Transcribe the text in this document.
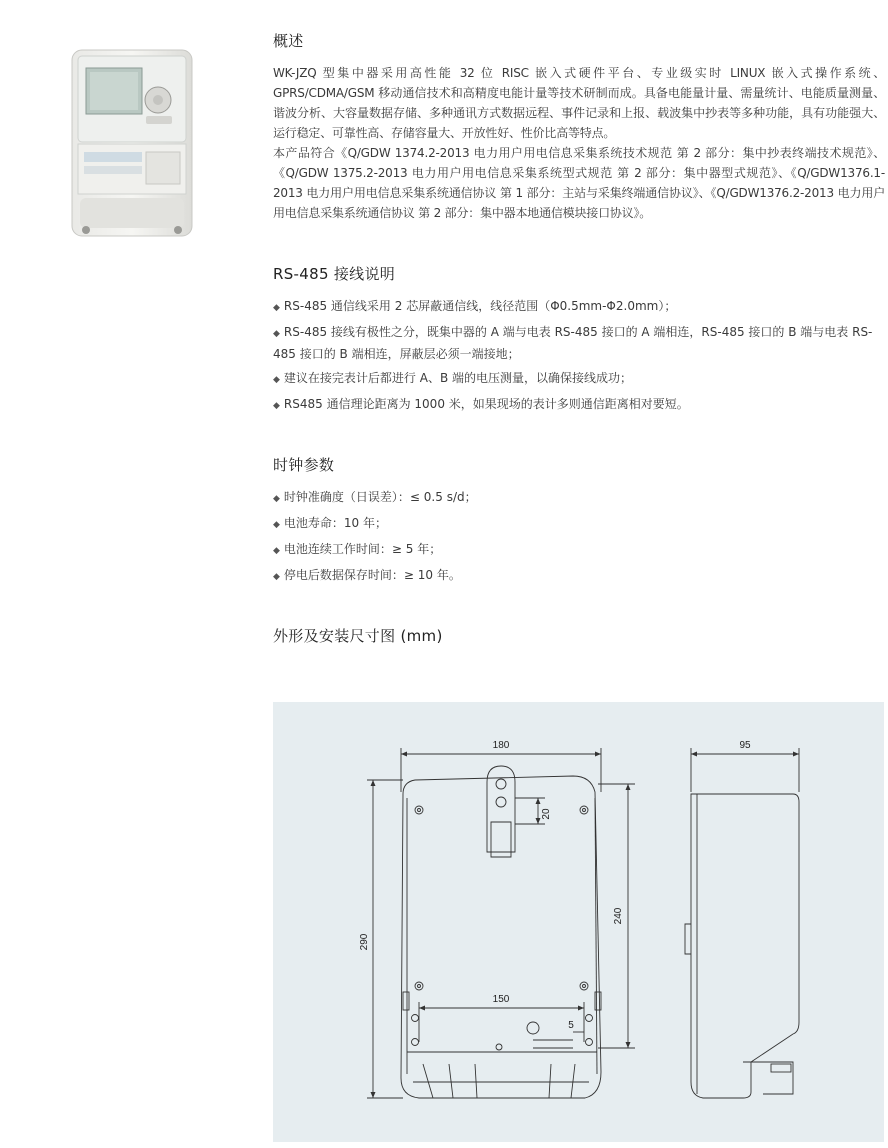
概述

WK-JZQ 型集中器采用高性能 32 位 RISC 嵌入式硬件平台、专业级实时 LINUX 嵌入式操作系统、GPRS/CDMA/GSM 移动通信技术和高精度电能计量等技术研制而成。具备电能量计量、需量统计、电能质量测量、谐波分析、大容量数据存储、多种通讯方式数据远程、事件记录和上报、载波集中抄表等多种功能，具有功能强大、运行稳定、可靠性高、存储容量大、开放性好、性价比高等特点。

本产品符合《Q/GDW 1374.2-2013 电力用户用电信息采集系统技术规范 第 2 部分：集中抄表终端技术规范》、《Q/GDW 1375.2-2013 电力用户用电信息采集系统型式规范 第 2 部分：集中器型式规范》、《Q/GDW1376.1-2013 电力用户用电信息采集系统通信协议 第 1 部分：主站与采集终端通信协议》、《Q/GDW1376.2-2013 电力用户用电信息采集系统通信协议 第 2 部分：集中器本地通信模块接口协议》。

RS-485 接线说明
◆ RS-485 通信线采用 2 芯屏蔽通信线，线径范围（Φ0.5mm-Φ2.0mm）；
◆ RS-485 接线有极性之分，既集中器的 A 端与电表 RS-485 接口的 A 端相连，RS-485 接口的 B 端与电表 RS-485 接口的 B 端相连，屏蔽层必须一端接地；
◆ 建议在接完表计后都进行 A、B 端的电压测量，以确保接线成功；
◆ RS485 通信理论距离为 1000 米，如果现场的表计多则通信距离相对要短。
时钟参数
◆ 时钟准确度（日误差）：≤ 0.5 s/d；
◆ 电池寿命：10 年；
◆ 电池连续工作时间：≥ 5 年；
◆ 停电后数据保存时间：≥ 10 年。
外形及安装尺寸图 (mm)
180	95
20
240
290
150
5
